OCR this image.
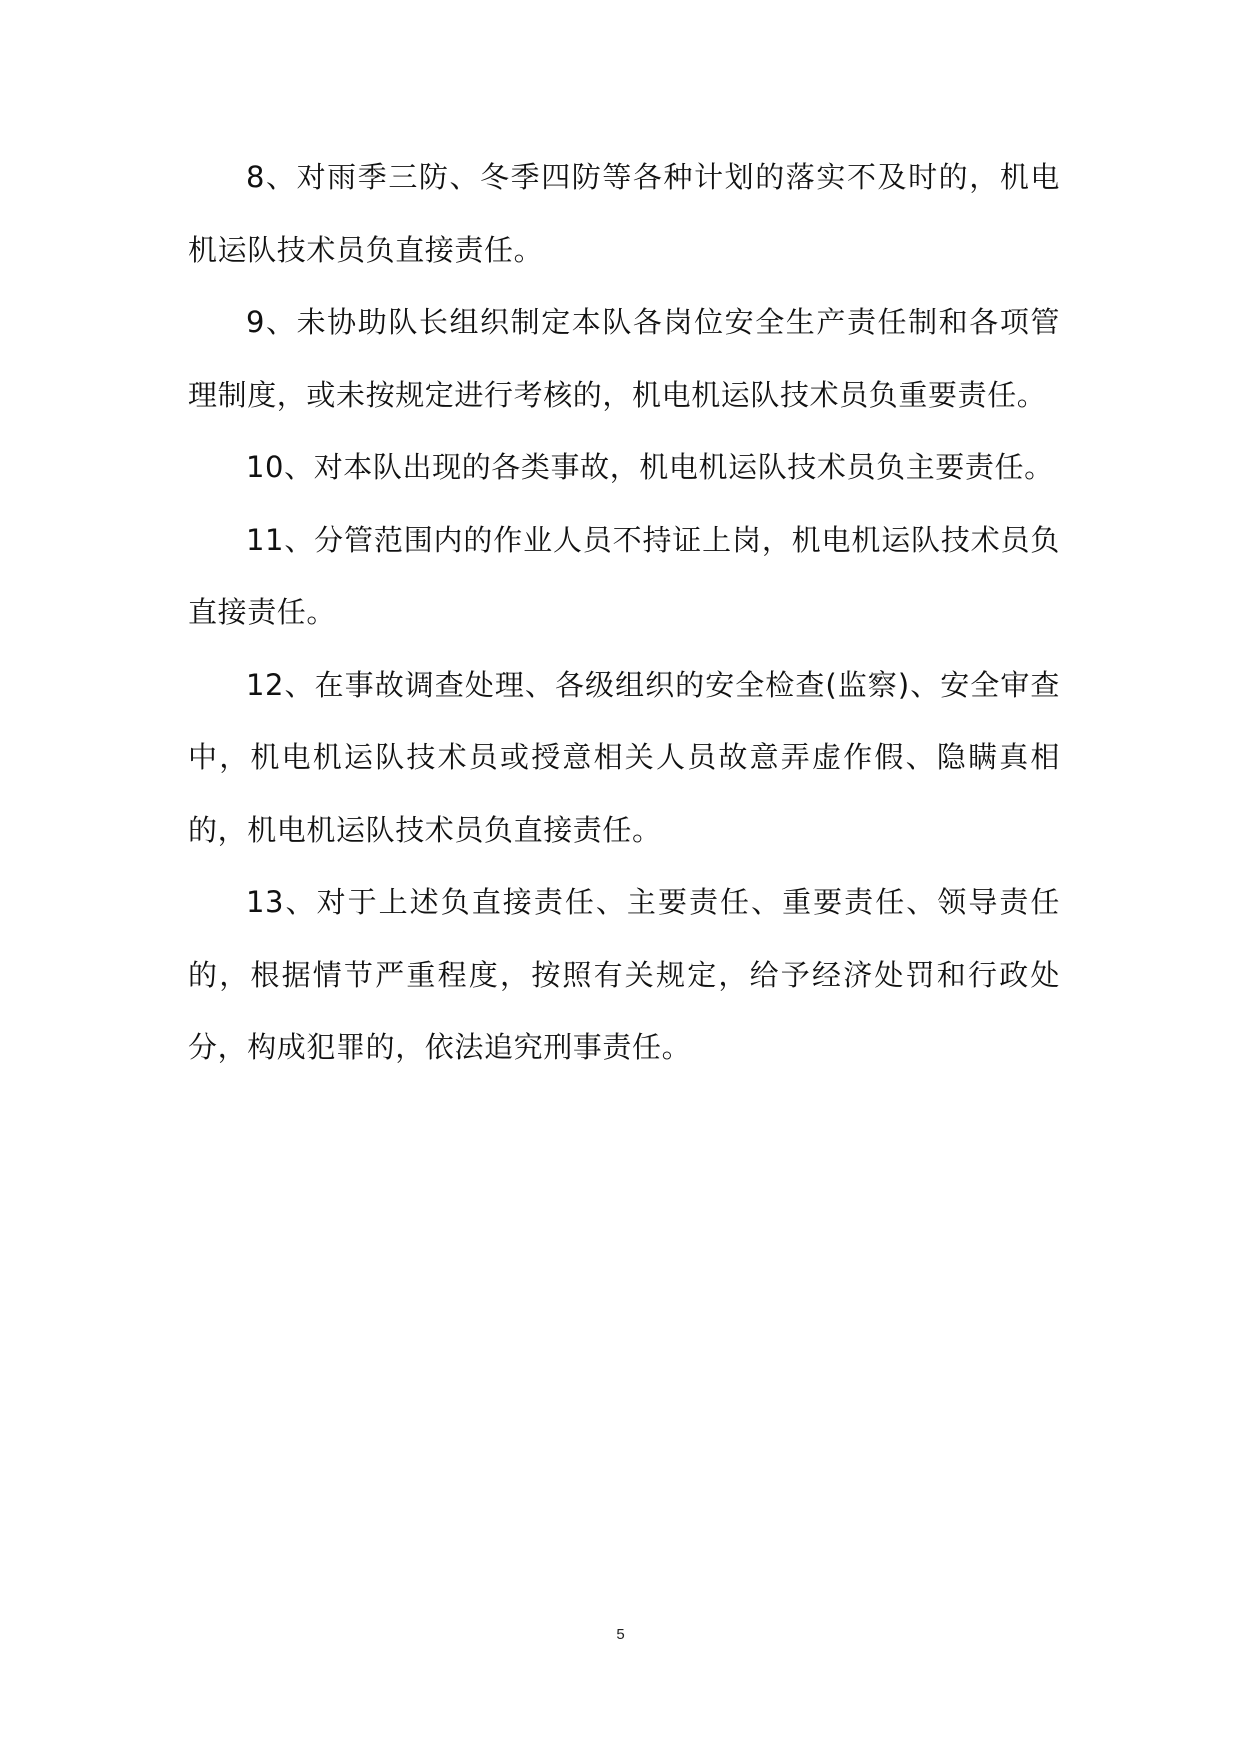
8、对雨季三防、冬季四防等各种计划的落实不及时的，机电机运队技术员负直接责任。

9、未协助队长组织制定本队各岗位安全生产责任制和各项管理制度，或未按规定进行考核的，机电机运队技术员负重要责任。

10、对本队出现的各类事故，机电机运队技术员负主要责任。

11、分管范围内的作业人员不持证上岗，机电机运队技术员负直接责任。

12、在事故调查处理、各级组织的安全检查(监察)、安全审查中，机电机运队技术员或授意相关人员故意弄虚作假、隐瞒真相的，机电机运队技术员负直接责任。

13、对于上述负直接责任、主要责任、重要责任、领导责任的，根据情节严重程度，按照有关规定，给予经济处罚和行政处分，构成犯罪的，依法追究刑事责任。

5
